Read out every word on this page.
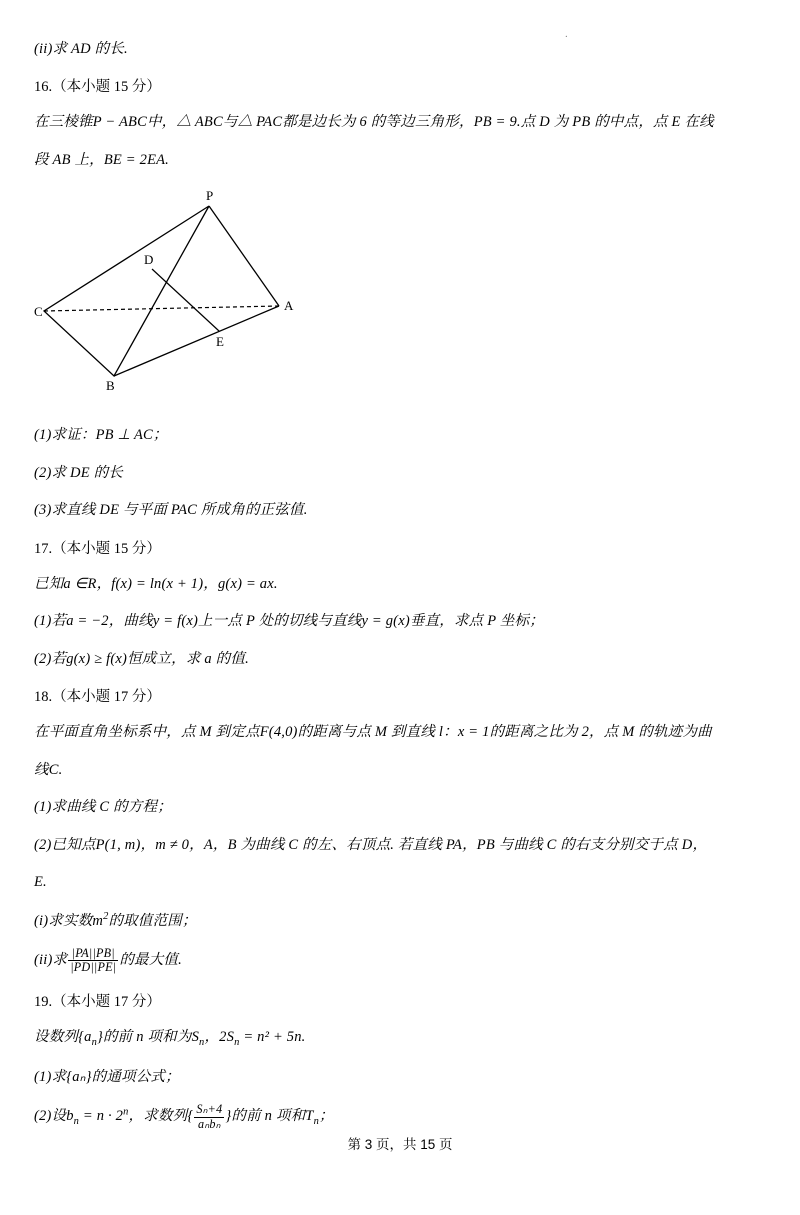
.
(ii)求 AD 的长.
16.（本小题 15 分）
在三棱锥P − ABC中，△ ABC与△ PAC都是边长为 6 的等边三角形，PB = 9.点 D 为 PB 的中点，点 E 在线
段 AB 上，BE = 2EA.
P
D
C	A
E
B
(1)求证：PB ⊥ AC；
(2)求 DE 的长
(3)求直线 DE 与平面 PAC 所成角的正弦值.
17.（本小题 15 分）
已知a ∈R，f(x) = ln(x + 1)，g(x) = ax.
(1)若a = −2，曲线y = f(x)上一点 P 处的切线与直线y = g(x)垂直，求点 P 坐标；
(2)若g(x) ≥ f(x)恒成立，求 a 的值.
18.（本小题 17 分）
在平面直角坐标系中，点 M 到定点F(4,0)的距离与点 M 到直线 l：x = 1的距离之比为 2，点 M 的轨迹为曲
线C.
(1)求曲线 C 的方程；
(2)已知点P(1, m)，m ≠ 0，A，B 为曲线 C 的左、右顶点. 若直线 PA，PB 与曲线 C 的右支分别交于点 D，
E.
(i)求实数$m^2$的取值范围；
(ii)求 $\frac{|PA||PB|}{|PD||PE|}$ 的最大值.
19.（本小题 17 分）
设数列$\{a_n\}$的前 n 项和为$S_n$，$2S_n = n^2 + 5n$.
(1)求{aₙ}的通项公式；
(2)设$b_n = n \cdot 2^n$，求数列{ $\frac{\text{Sₙ+4}}{\text{aₙbₙ}}$ }的前 n 项和$T_n$；
第 3 页，共 15 页
